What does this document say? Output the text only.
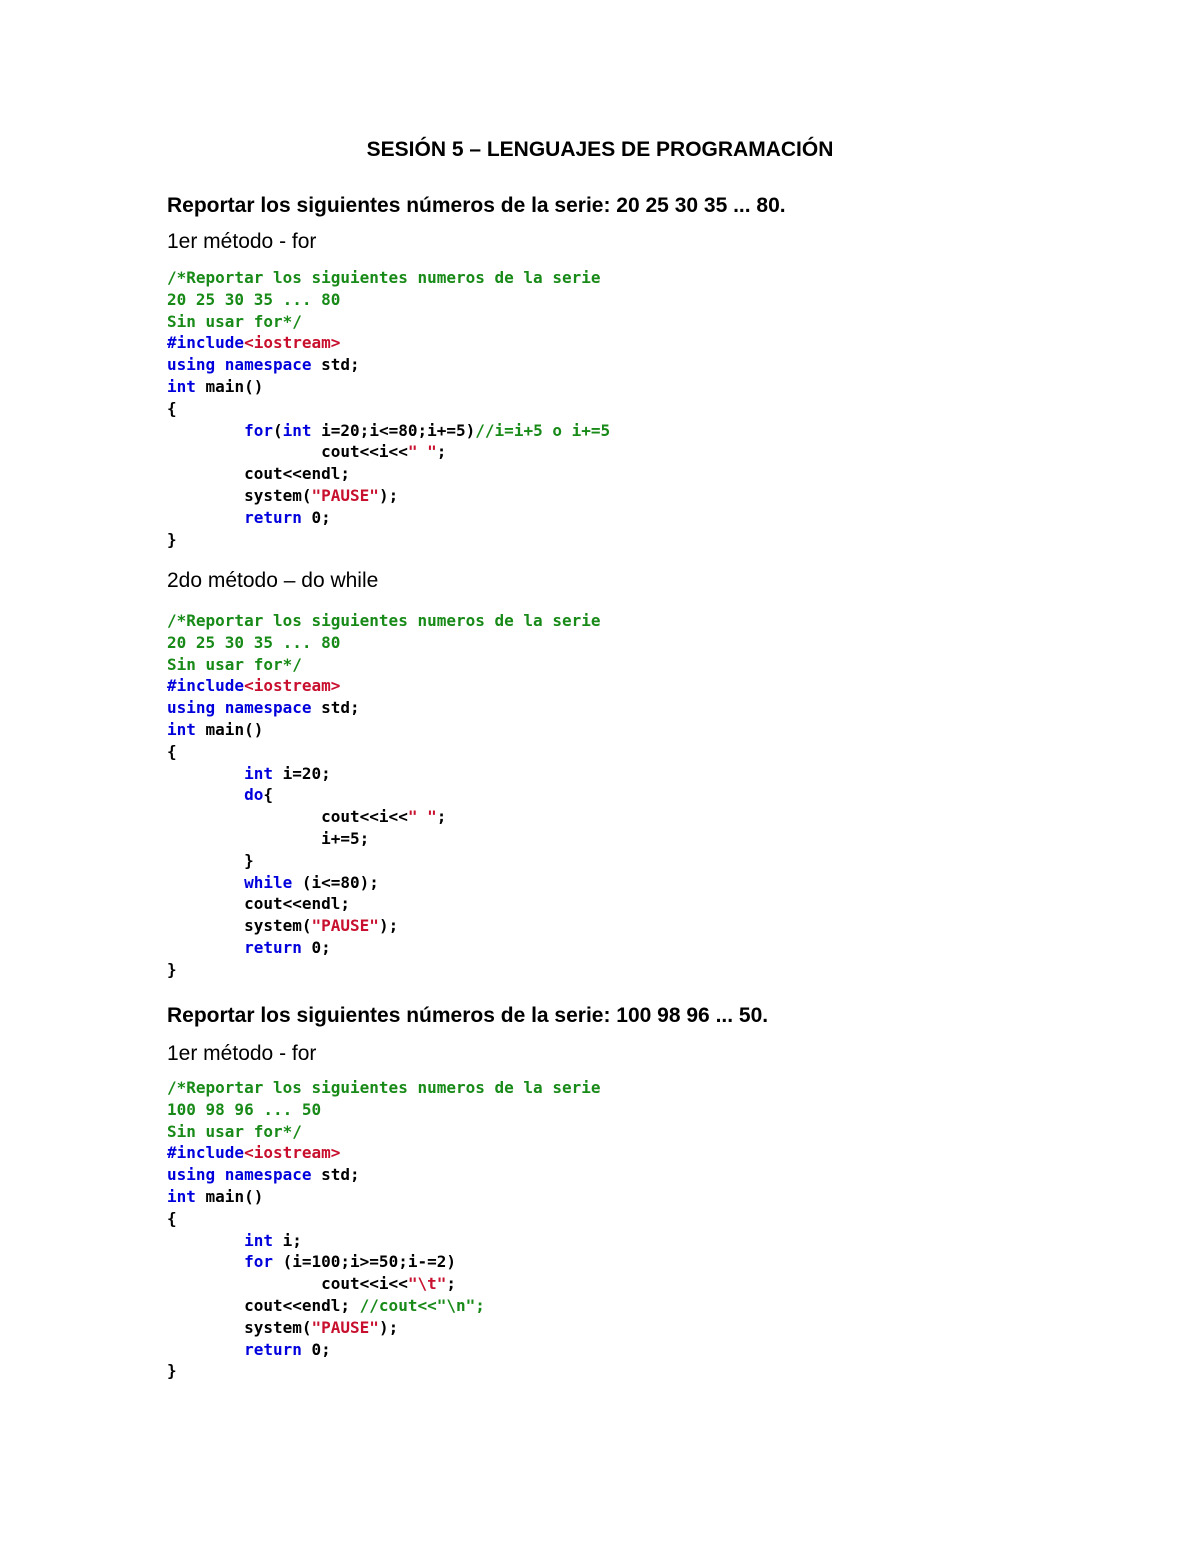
SESIÓN 5 – LENGUAJES DE PROGRAMACIÓN
Reportar los siguientes números de la serie: 20 25 30 35 ... 80.
1er método - for
/*Reportar los siguientes numeros de la serie
20 25 30 35 ... 80
Sin usar for*/
#include<iostream>
using namespace std;
int main()
{
for(int i=20;i<=80;i+=5)//i=i+5 o i+=5
cout<<i<<" ";
cout<<endl;
system("PAUSE");
return 0;
}
2do método – do while
/*Reportar los siguientes numeros de la serie
20 25 30 35 ... 80
Sin usar for*/
#include<iostream>
using namespace std;
int main()
{
int i=20;
do{
cout<<i<<" ";
i+=5;
}
while (i<=80);
cout<<endl;
system("PAUSE");
return 0;
}
Reportar los siguientes números de la serie: 100 98 96 ... 50.
1er método - for
/*Reportar los siguientes numeros de la serie
100 98 96 ... 50
Sin usar for*/
#include<iostream>
using namespace std;
int main()
{
int i;
for (i=100;i>=50;i-=2)
cout<<i<<"\t";
cout<<endl; //cout<<"\n";
system("PAUSE");
return 0;
}
